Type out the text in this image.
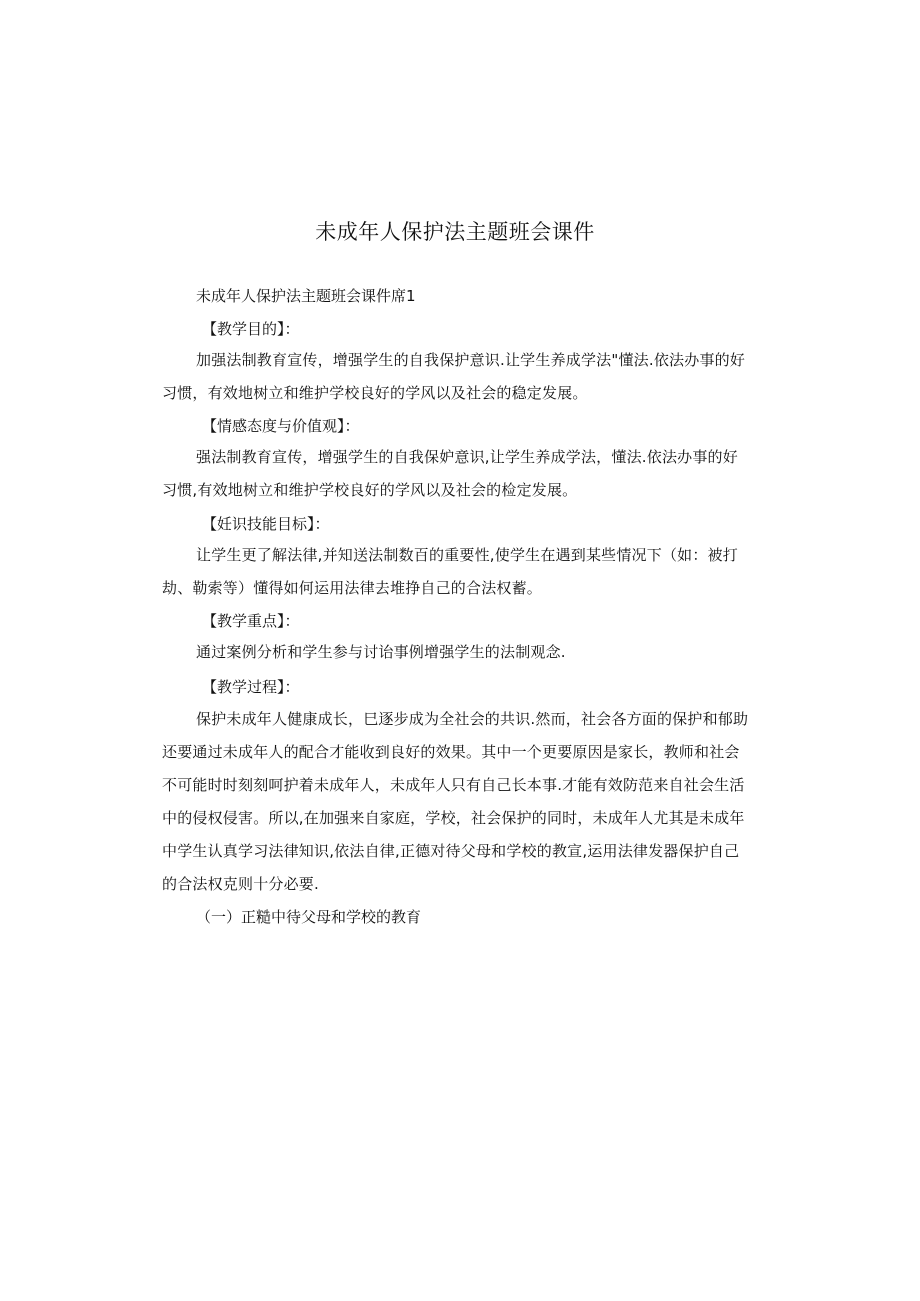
未成年人保护法主题班会课件
未成年人保护法主题班会课件席1
【教学目的】：

加强法制教育宣传，增强学生的自我保护意识.让学生养成学法"懂法.依法办事的好习惯，有效地树立和维护学校良好的学风以及社会的稳定发展。

【情感态度与价值观】：

强法制教育宣传，增强学生的自我保妒意识,让学生养成学法，懂法.依法办事的好习惯,有效地树立和维护学校良好的学风以及社会的检定发展。

【妊识技能目标】：

让学生更了解法律,并知送法制数百的重要性,使学生在遇到某些情况下（如：被打劫、勒索等）懂得如何运用法律去堆挣自己的合法权蓄。

【教学重点】：

通过案例分析和学生参与讨诒事例增强学生的法制观念.

【教学过程】：

保护未成年人健康成长，巳逐步成为全社会的共识.然而，社会各方面的保护和郁助还要通过未成年人的配合才能收到良好的效果。其中一个更要原因是家长，教师和社会不可能时时刻刻呵护着未成年人，未成年人只有自己长本事.才能有效防范来自社会生活中的侵权侵害。所以,在加强来自家庭，学校，社会保护的同时，未成年人尤其是未成年中学生认真学习法律知识,依法自律,正德对待父母和学校的教宣,运用法律发器保护自己的合法权克则十分必要.

（一）正糙中待父母和学校的教育
